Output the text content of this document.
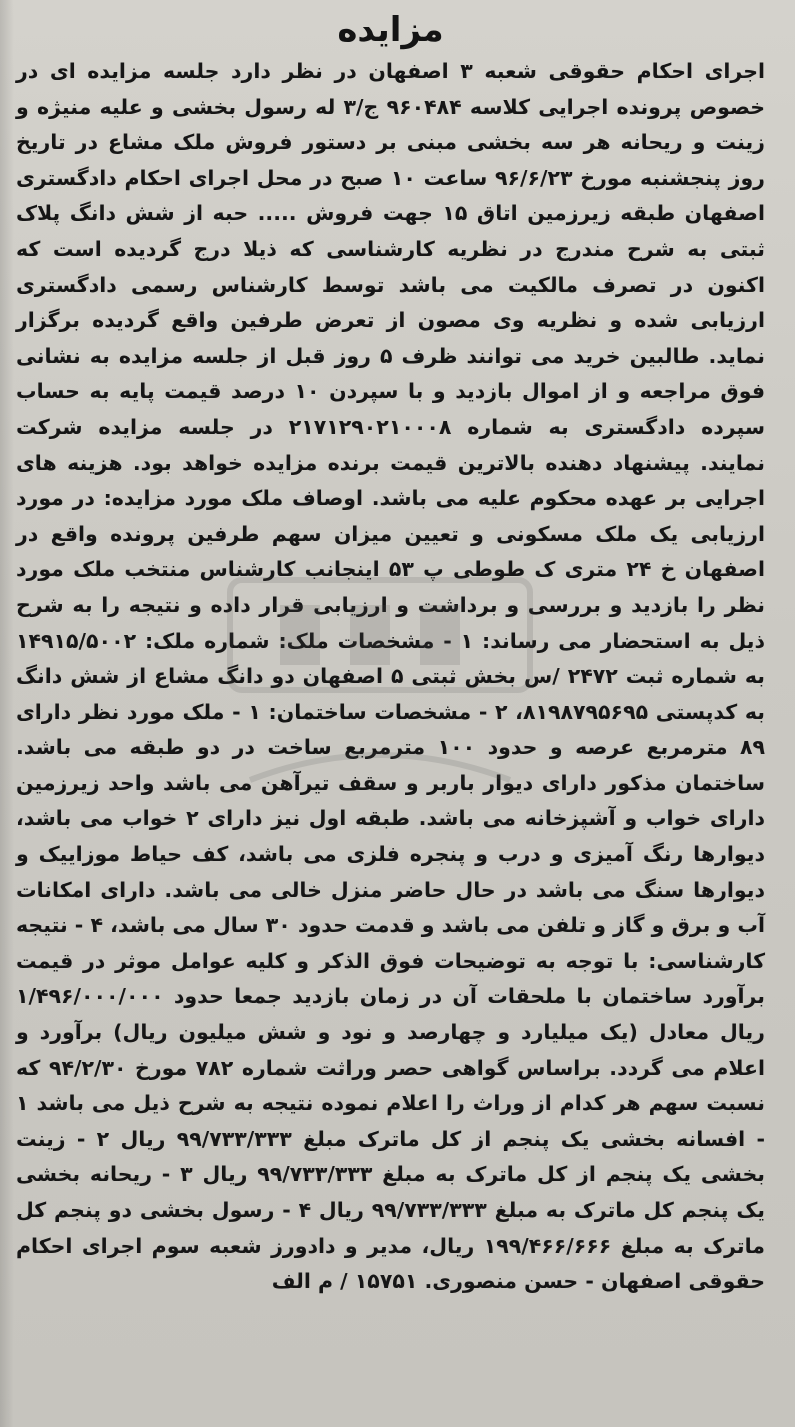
مزایده
اجرای احکام حقوقی شعبه ۳ اصفهان در نظر دارد جلسه مزایده ای در خصوص پرونده اجرایی کلاسه ۹۶۰۴۸۴ ج/۳ له رسول بخشی و علیه منیژه و زینت و ریحانه هر سه بخشی مبنی بر دستور فروش ملک مشاع در تاریخ روز پنجشنبه مورخ ۹۶/۶/۲۳ ساعت ۱۰ صبح در محل اجرای احکام دادگستری اصفهان طبقه زیرزمین اتاق ۱۵ جهت فروش ..... حبه از شش دانگ پلاک ثبتی به شرح مندرج در نظریه کارشناسی که ذیلا درج گردیده است که اکنون در تصرف مالکیت می باشد توسط کارشناس رسمی دادگستری ارزیابی شده و نظریه وی مصون از تعرض طرفین واقع گردیده برگزار نماید. طالبین خرید می توانند ظرف ۵ روز قبل از جلسه مزایده به نشانی فوق مراجعه و از اموال بازدید و با سپردن ۱۰ درصد قیمت پایه به حساب سپرده دادگستری به شماره ۲۱۷۱۲۹۰۲۱۰۰۰۸ در جلسه مزایده شرکت نمایند. پیشنهاد دهنده بالاترین قیمت برنده مزایده خواهد بود. هزینه های اجرایی بر عهده محکوم علیه می باشد. اوصاف ملک مورد مزایده: در مورد ارزیابی یک ملک مسکونی و تعیین میزان سهم طرفین پرونده واقع در اصفهان خ ۲۴ متری ک طوطی پ ۵۳ اینجانب کارشناس منتخب ملک مورد نظر را بازدید و بررسی و برداشت و ارزیابی قرار داده و نتیجه را به شرح ذیل به استحضار می رساند: ۱ - مشخصات ملک: شماره ملک: ۱۴۹۱۵/۵۰۰۲ به شماره ثبت ۲۴۷۲ /س بخش ثبتی ۵ اصفهان دو دانگ مشاع از شش دانگ به کدپستی ۸۱۹۸۷۹۵۶۹۵، ۲ - مشخصات ساختمان: ۱ - ملک مورد نظر دارای ۸۹ مترمربع عرصه و حدود ۱۰۰ مترمربع ساخت در دو طبقه می باشد. ساختمان مذکور دارای دیوار باربر و سقف تیرآهن می باشد واحد زیرزمین دارای خواب و آشپزخانه می باشد. طبقه اول نیز دارای ۲ خواب می باشد، دیوارها رنگ آمیزی و درب و پنجره فلزی می باشد، کف حیاط موزاییک و دیوارها سنگ می باشد در حال حاضر منزل خالی می باشد. دارای امکانات آب و برق و گاز و تلفن می باشد و قدمت حدود ۳۰ سال می باشد، ۴ - نتیجه کارشناسی: با توجه به توضیحات فوق الذکر و کلیه عوامل موثر در قیمت برآورد ساختمان با ملحقات آن در زمان بازدید جمعا حدود ۱/۴۹۶/۰۰۰/۰۰۰ ریال معادل (یک میلیارد و چهارصد و نود و شش میلیون ریال) برآورد و اعلام می گردد. براساس گواهی حصر وراثت شماره ۷۸۲ مورخ ۹۴/۲/۳۰ که نسبت سهم هر کدام از وراث را اعلام نموده نتیجه به شرح ذیل می باشد ۱ - افسانه بخشی یک پنجم از کل ماترک مبلغ ۹۹/۷۳۳/۳۳۳ ریال ۲ - زینت بخشی یک پنجم از کل ماترک به مبلغ ۹۹/۷۳۳/۳۳۳ ریال ۳ - ریحانه بخشی یک پنجم کل ماترک به مبلغ ۹۹/۷۳۳/۳۳۳ ریال ۴ - رسول بخشی دو پنجم کل ماترک به مبلغ ۱۹۹/۴۶۶/۶۶۶ ریال، مدیر و دادورز شعبه سوم اجرای احکام حقوقی اصفهان - حسن منصوری. ۱۵۷۵۱ / م الف
